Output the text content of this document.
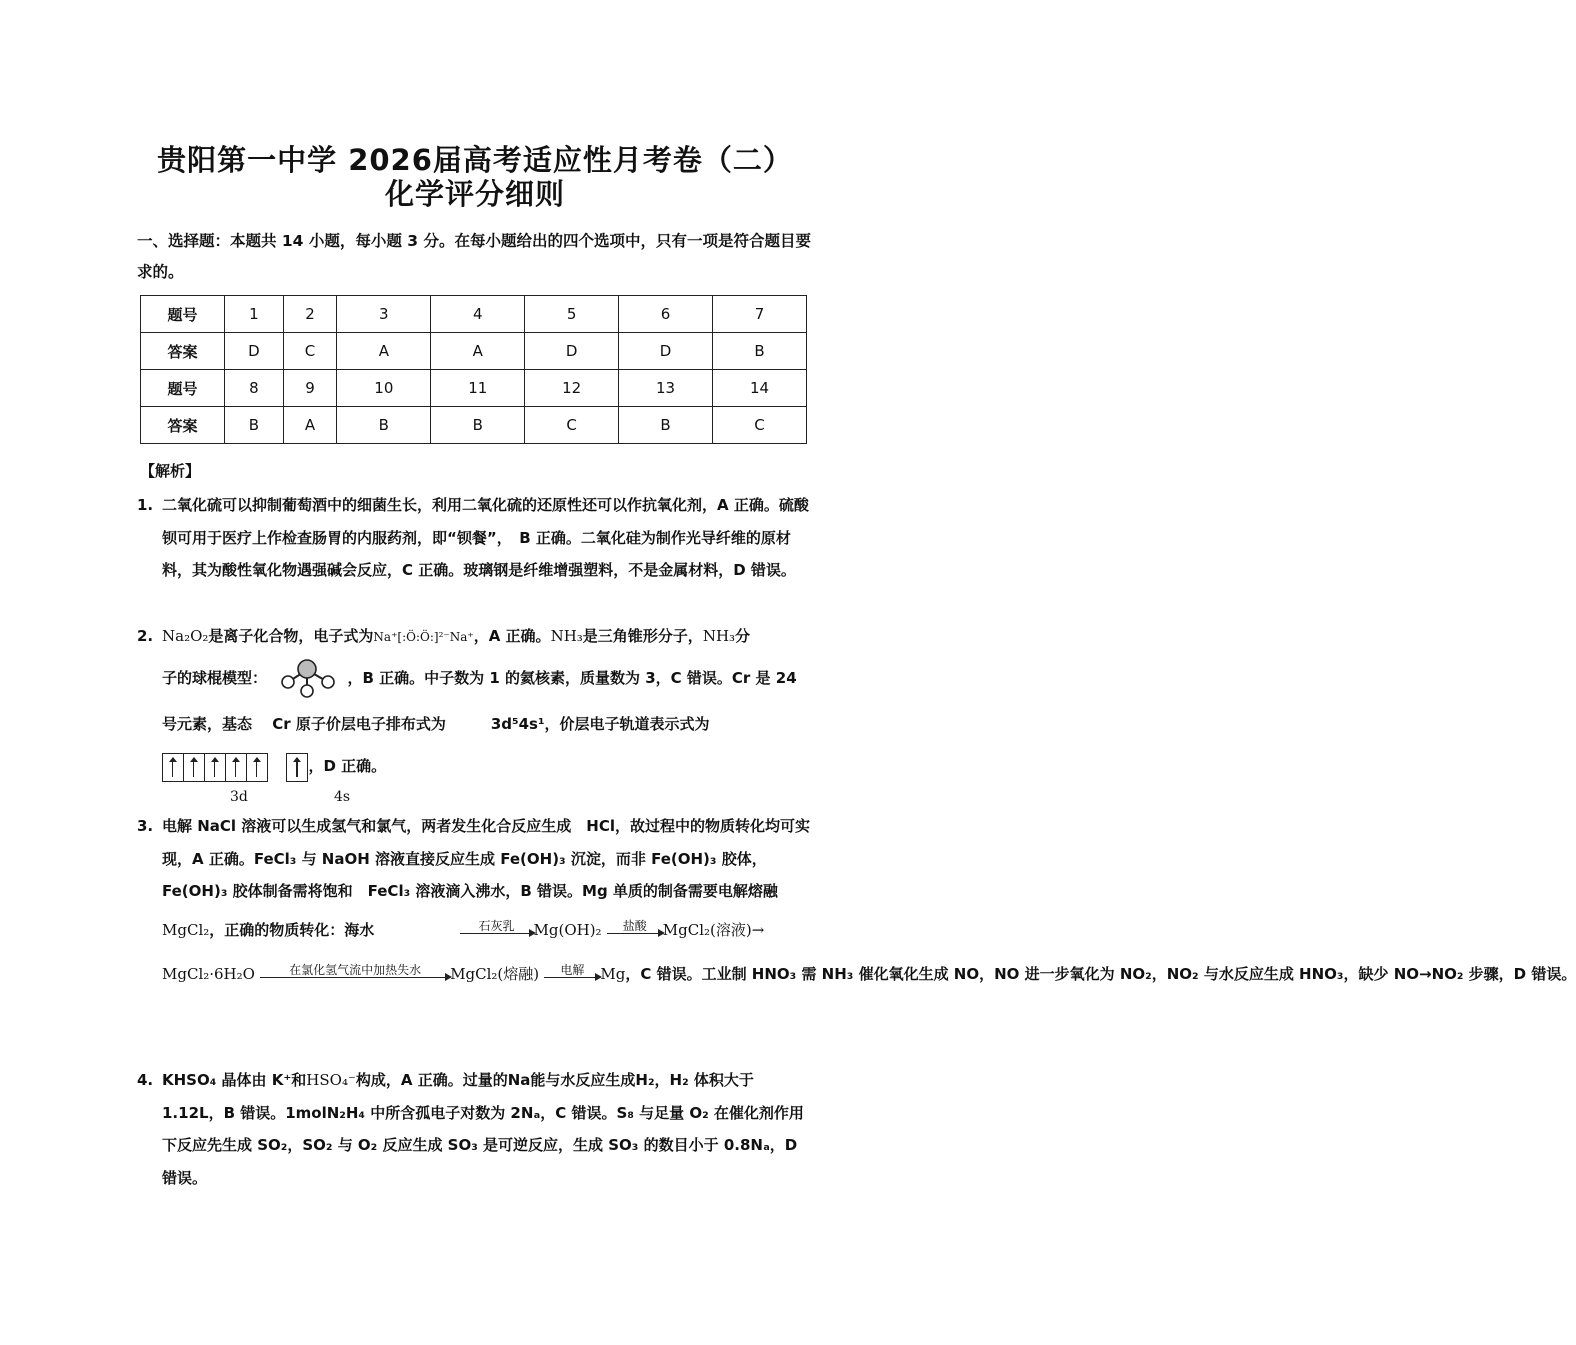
贵阳第一中学 2026届高考适应性月考卷（二）
化学评分细则
一、选择题：本题共 14 小题，每小题 3 分。在每小题给出的四个选项中，只有一项是符合题目要求的。
题号	1	2	3	4	5	6	7
答案	D	C	A	A	D	D	B
题号	8	9	10	11	12	13	14
答案	B	A	B	B	C	B	C
【解析】
1. 二氧化硫可以抑制葡萄酒中的细菌生长，利用二氧化硫的还原性还可以作抗氧化剂，A 正确。硫酸钡可用于医疗上作检查肠胃的内服药剂，即“钡餐”，　B 正确。二氧化硅为制作光导纤维的原材料，其为酸性氧化物遇强碱会反应，C 正确。玻璃钢是纤维增强塑料，不是金属材料，D 错误。
2. Na₂O₂是离子化合物，电子式为Na⁺[:Ö:Ö:]²⁻Na⁺，A 正确。NH₃是三角锥形分子，NH₃分
子的球棍模型：	，B 正确。中子数为 1 的氦核素，质量数为 3，C 错误。Cr 是 24
号元素，基态　 Cr 原子价层电子排布式为　　　3d⁵4s¹，价层电子轨道表示式为

3d	4s
，D 正确。
3. 电解 NaCl 溶液可以生成氢气和氯气，两者发生化合反应生成　HCl，故过程中的物质转化均可实现，A 正确。FeCl₃ 与 NaOH 溶液直接反应生成 Fe(OH)₃ 沉淀，而非 Fe(OH)₃ 胶体，Fe(OH)₃ 胶体制备需将饱和　FeCl₃ 溶液滴入沸水，B 错误。Mg 单质的制备需要电解熔融
MgCl₂，正确的物质转化：海水	石灰乳	Mg(OH)₂	盐酸	MgCl₂(溶液)→
MgCl₂·6H₂O	在氯化氢气流中加热失水	MgCl₂(熔融)	电解	Mg，C 错误。工业制 HNO₃ 需 NH₃ 催化氧化生成 NO，NO 进一步氧化为 NO₂，NO₂ 与水反应生成 HNO₃，缺少 NO→NO₂ 步骤，D 错误。
4. KHSO₄ 晶体由 K⁺和HSO₄⁻构成，A 正确。过量的Na能与水反应生成H₂，H₂ 体积大于 1.12L，B 错误。1molN₂H₄ 中所含孤电子对数为 2Nₐ，C 错误。S₈ 与足量 O₂ 在催化剂作用下反应先生成 SO₂，SO₂ 与 O₂ 反应生成 SO₃ 是可逆反应，生成 SO₃ 的数目小于 0.8Nₐ，D 错误。
